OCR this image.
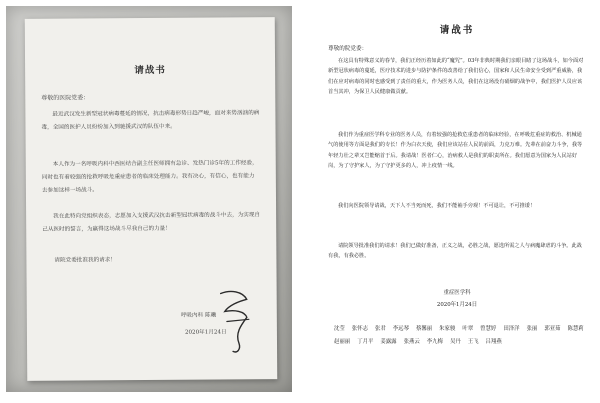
请战书
尊敬的医院党委：

最近武汉发生新型冠状病毒蔓延的情况，抗击病毒形势日趋严峻，面对来势汹汹的病毒，全国的医护人员纷纷加入到驰援武汉的队伍中来。

本人作为一名呼吸内科中西医结合副主任医师拥有急诊、发热门诊5年的工作经验，同时也有着较强的抢救呼吸危重症患者的临床处理能力。我有决心，有信心，也有能力去参加这样一场战斗。

我在此特向党组织表态，志愿加入支援武汉抗击新型冠状病毒的战斗中去，为实现自己从医时的誓言，为赢得这场战斗尽我自己的力量！

请院党委批准我的请求！
呼吸内科 陈曦
2020年1月24日
请战书
尊敬的院党委：

在这具有特殊意义的春节，我们正经历着如此的“魔咒”。03年非典时期我们亲眼目睹了这场战斗，如今面对新型冠状病毒的蔓延，医疗技术的进步与防护条件的改善给了我们信心，国家和人民生命安全受到严重威胁，我们在应对病毒的同时也感受到了责任的重大，作为医务人员，我们在这场没有硝烟的战争中，我们医护人员应该首当其冲，为保卫人民健康做贡献。

我们作为重症医学科专业的医务人员，有着较强的抢救危重患者的临床经验，在呼吸危重症的救治、机械通气的使用等方面是我们的专长！作为白衣天使，我们应该站在人民的前面，力克万难。先辈在前奋力斗争，我等年轻力壮之辈又岂能缩首于后。我请战！医者仁心，治病救人是我们的职责所在。我们愿意为国家为人民站好岗，为了守护家人，为了守护更多的人，冲上疫情一线。

我们向医院领导请战，天下人不当死而死，我们不能袖手旁观！不可退让，不可推诿！

请院领导批准我们的请求！我们已做好准备，正义之战，必胜之战，愿选所需之人与病魔肆虐的斗争。此战有我，有我必胜。

重症医学科
2020年1月24日
沈莹 张怀志 张君 李远琴 蔡馨丽 朱家骏 叶翠 曾慧婷 田泽洋 张丽 郭亚茹 陈慧莉
赵丽丽 丁月平 姜露露 张燕云 李九梅 吴丹 王飞 吕翔燕
